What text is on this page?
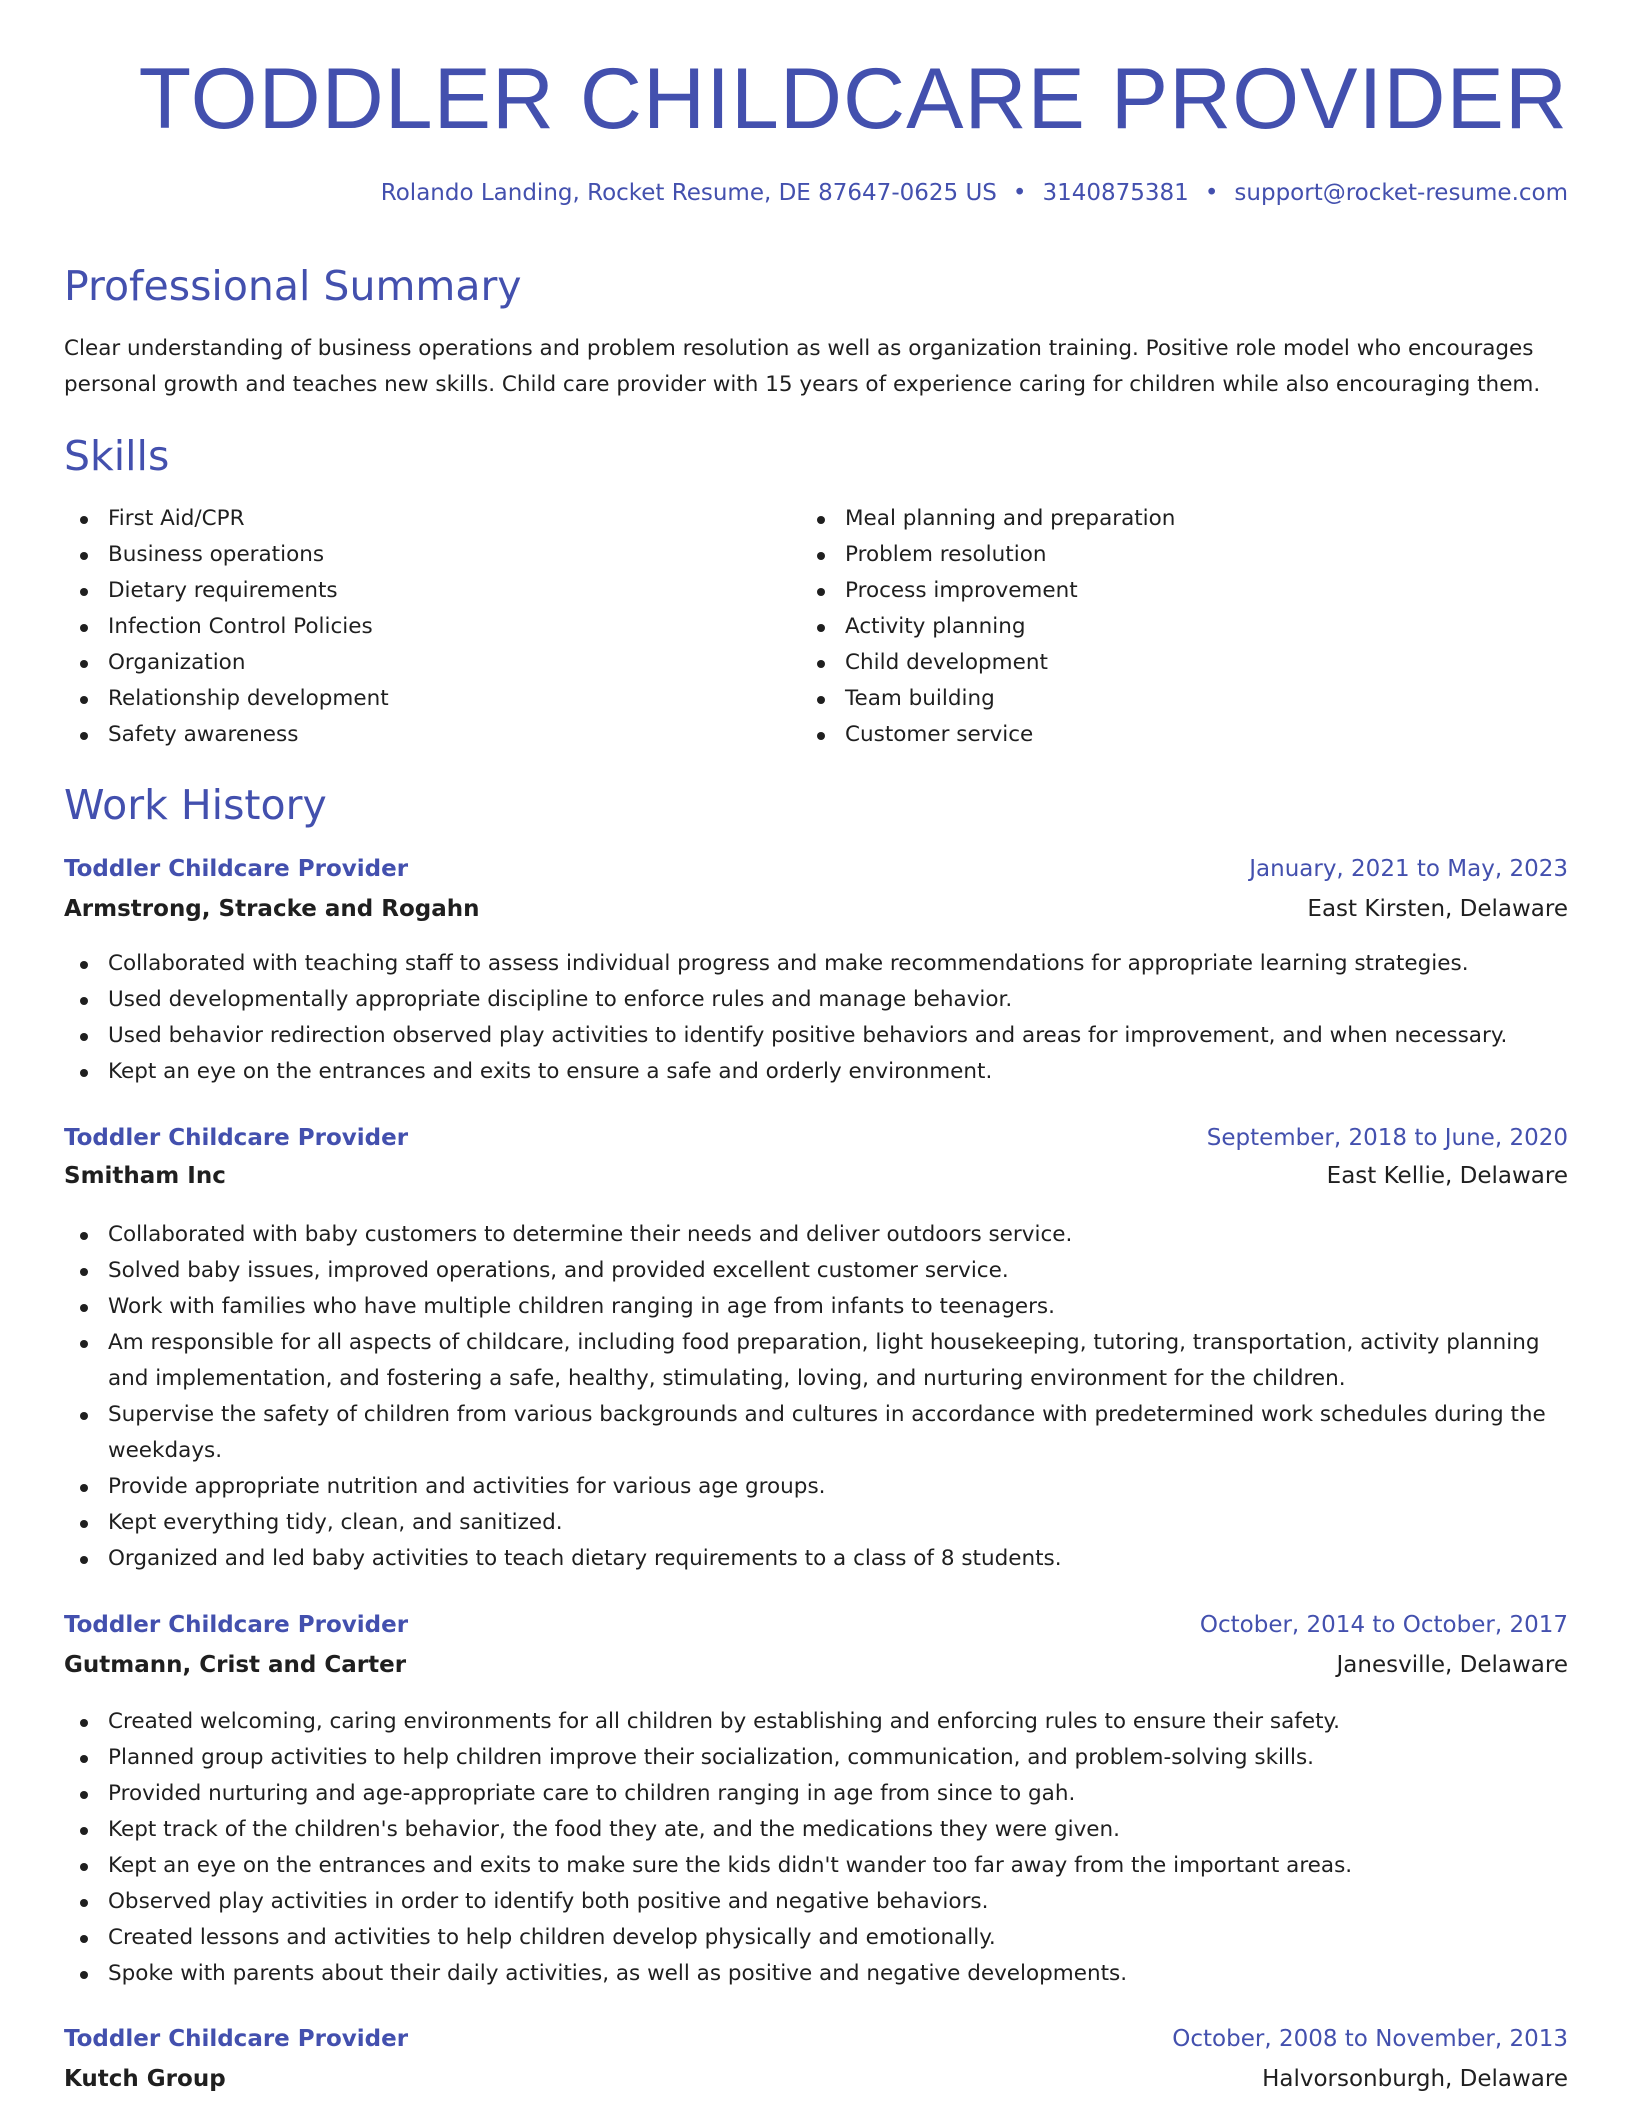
TODDLER CHILDCARE PROVIDER
Rolando Landing, Rocket Resume, DE 87647-0625 US • 3140875381 • support@rocket-resume.com
Professional Summary

Clear understanding of business operations and problem resolution as well as organization training. Positive role model who encourages personal growth and teaches new skills. Child care provider with 15 years of experience caring for children while also encouraging them.

Skills
First Aid/CPR
Business operations
Dietary requirements
Infection Control Policies
Organization
Relationship development
Safety awareness
Meal planning and preparation
Problem resolution
Process improvement
Activity planning
Child development
Team building
Customer service
Work History
Toddler Childcare Provider	January, 2021 to May, 2023
Armstrong, Stracke and Rogahn	East Kirsten, Delaware
Collaborated with teaching staff to assess individual progress and make recommendations for appropriate learning strategies.
Used developmentally appropriate discipline to enforce rules and manage behavior.
Used behavior redirection observed play activities to identify positive behaviors and areas for improvement, and when necessary.
Kept an eye on the entrances and exits to ensure a safe and orderly environment.
Toddler Childcare Provider	September, 2018 to June, 2020
Smitham Inc	East Kellie, Delaware
Collaborated with baby customers to determine their needs and deliver outdoors service.
Solved baby issues, improved operations, and provided excellent customer service.
Work with families who have multiple children ranging in age from infants to teenagers.
Am responsible for all aspects of childcare, including food preparation, light housekeeping, tutoring, transportation, activity planning and implementation, and fostering a safe, healthy, stimulating, loving, and nurturing environment for the children.
Supervise the safety of children from various backgrounds and cultures in accordance with predetermined work schedules during the weekdays.
Provide appropriate nutrition and activities for various age groups.
Kept everything tidy, clean, and sanitized.
Organized and led baby activities to teach dietary requirements to a class of 8 students.
Toddler Childcare Provider	October, 2014 to October, 2017
Gutmann, Crist and Carter	Janesville, Delaware
Created welcoming, caring environments for all children by establishing and enforcing rules to ensure their safety.
Planned group activities to help children improve their socialization, communication, and problem-solving skills.
Provided nurturing and age-appropriate care to children ranging in age from since to gah.
Kept track of the children's behavior, the food they ate, and the medications they were given.
Kept an eye on the entrances and exits to make sure the kids didn't wander too far away from the important areas.
Observed play activities in order to identify both positive and negative behaviors.
Created lessons and activities to help children develop physically and emotionally.
Spoke with parents about their daily activities, as well as positive and negative developments.
Toddler Childcare Provider	October, 2008 to November, 2013
Kutch Group	Halvorsonburgh, Delaware
